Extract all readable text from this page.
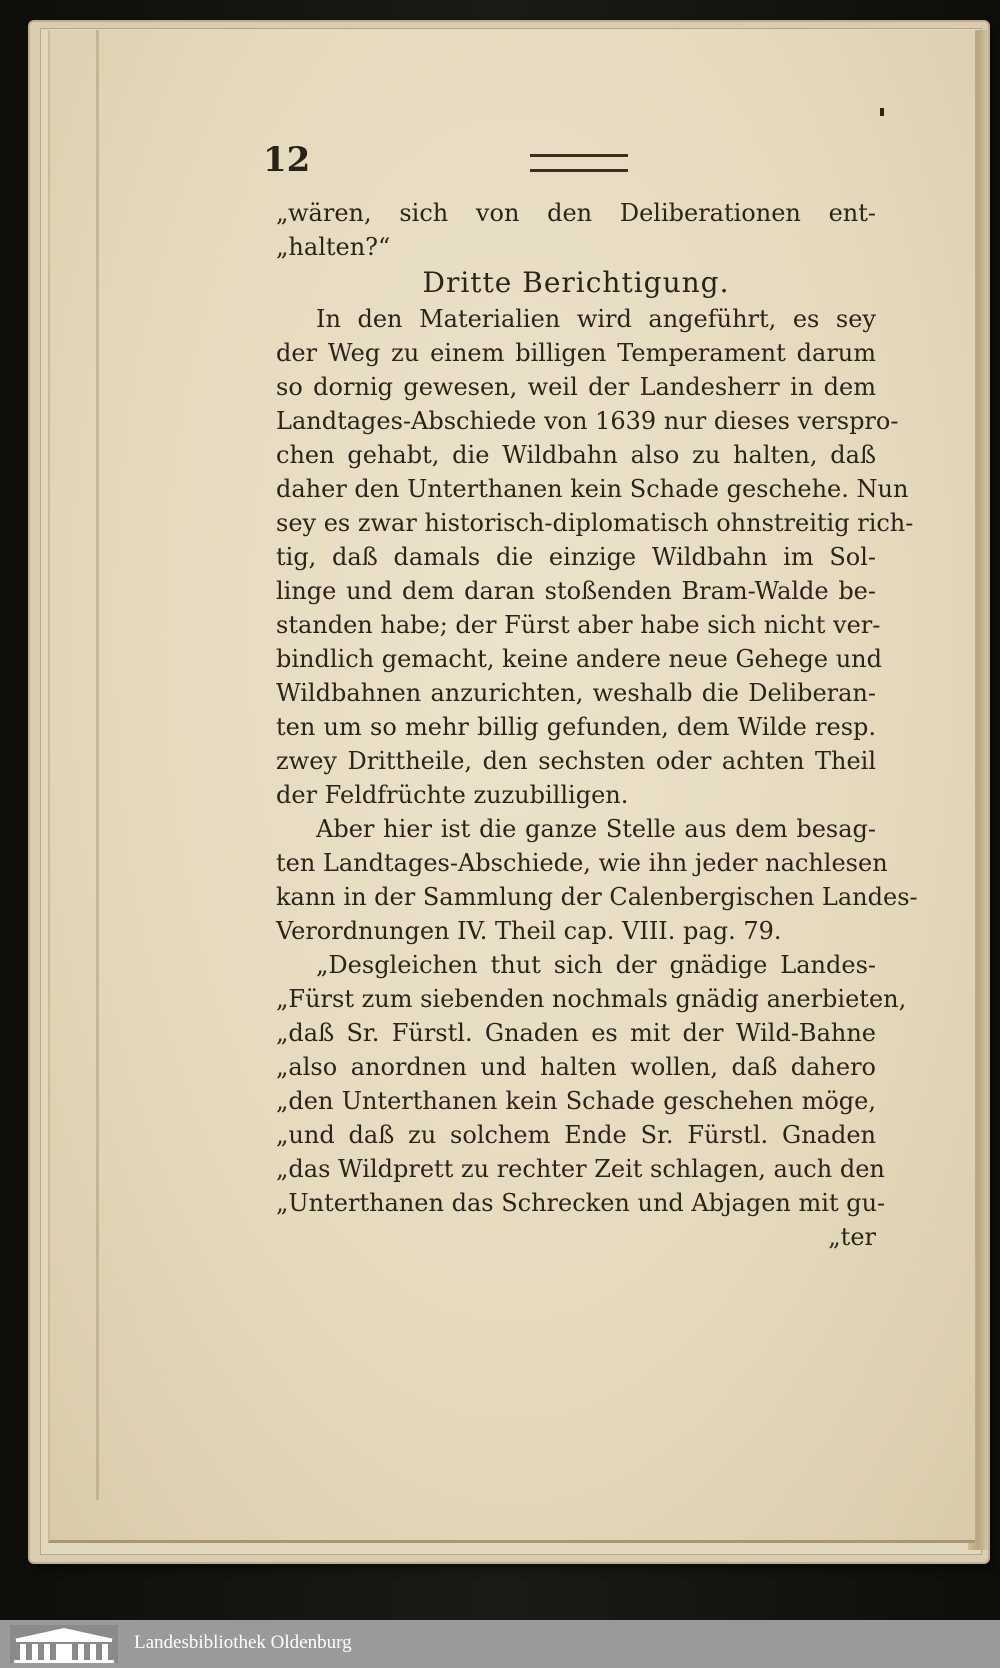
12
„wären, sich von den Deliberationen ent-
„halten?“
Dritte Berichtigung.
In den Materialien wird angeführt, es sey
der Weg zu einem billigen Temperament darum
so dornig gewesen, weil der Landesherr in dem
Landtages-Abschiede von 1639 nur dieses verspro-
chen gehabt, die Wildbahn also zu halten, daß
daher den Unterthanen kein Schade geschehe. Nun
sey es zwar historisch-diplomatisch ohnstreitig rich-
tig, daß damals die einzige Wildbahn im Sol-
linge und dem daran stoßenden Bram-Walde be-
standen habe; der Fürst aber habe sich nicht ver-
bindlich gemacht, keine andere neue Gehege und
Wildbahnen anzurichten, weshalb die Deliberan-
ten um so mehr billig gefunden, dem Wilde resp.
zwey Drittheile, den sechsten oder achten Theil
der Feldfrüchte zuzubilligen.
Aber hier ist die ganze Stelle aus dem besag-
ten Landtages-Abschiede, wie ihn jeder nachlesen
kann in der Sammlung der Calenbergischen Landes-
Verordnungen IV. Theil cap. VIII. pag. 79.
„Desgleichen thut sich der gnädige Landes-
„Fürst zum siebenden nochmals gnädig anerbieten,
„daß Sr. Fürstl. Gnaden es mit der Wild-Bahne
„also anordnen und halten wollen, daß dahero
„den Unterthanen kein Schade geschehen möge,
„und daß zu solchem Ende Sr. Fürstl. Gnaden
„das Wildprett zu rechter Zeit schlagen, auch den
„Unterthanen das Schrecken und Abjagen mit gu-
„ter
Landesbibliothek Oldenburg
